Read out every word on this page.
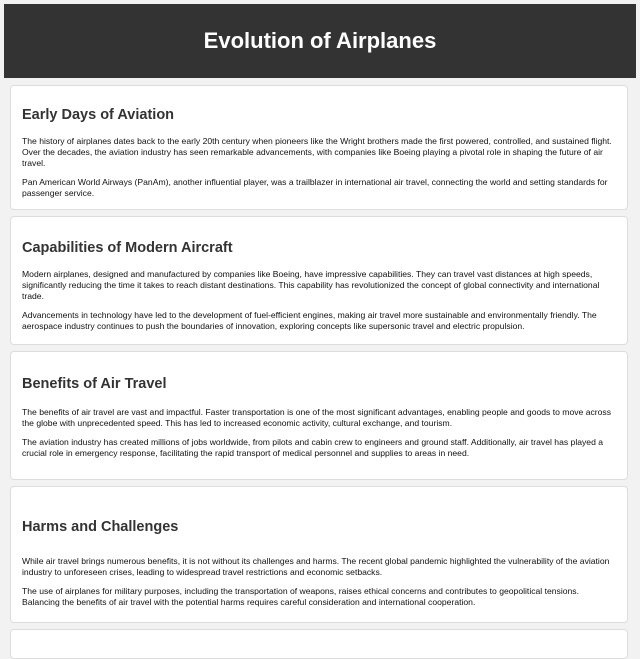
Evolution of Airplanes
Early Days of Aviation

The history of airplanes dates back to the early 20th century when pioneers like the Wright brothers made the first powered, controlled, and sustained flight. Over the decades, the aviation industry has seen remarkable advancements, with companies like Boeing playing a pivotal role in shaping the future of air travel.

Pan American World Airways (PanAm), another influential player, was a trailblazer in international air travel, connecting the world and setting standards for passenger service.

Capabilities of Modern Aircraft

Modern airplanes, designed and manufactured by companies like Boeing, have impressive capabilities. They can travel vast distances at high speeds, significantly reducing the time it takes to reach distant destinations. This capability has revolutionized the concept of global connectivity and international trade.

Advancements in technology have led to the development of fuel-efficient engines, making air travel more sustainable and environmentally friendly. The aerospace industry continues to push the boundaries of innovation, exploring concepts like supersonic travel and electric propulsion.

Benefits of Air Travel

The benefits of air travel are vast and impactful. Faster transportation is one of the most significant advantages, enabling people and goods to move across the globe with unprecedented speed. This has led to increased economic activity, cultural exchange, and tourism.

The aviation industry has created millions of jobs worldwide, from pilots and cabin crew to engineers and ground staff. Additionally, air travel has played a crucial role in emergency response, facilitating the rapid transport of medical personnel and supplies to areas in need.

Harms and Challenges

While air travel brings numerous benefits, it is not without its challenges and harms. The recent global pandemic highlighted the vulnerability of the aviation industry to unforeseen crises, leading to widespread travel restrictions and economic setbacks.

The use of airplanes for military purposes, including the transportation of weapons, raises ethical concerns and contributes to geopolitical tensions. Balancing the benefits of air travel with the potential harms requires careful consideration and international cooperation.
